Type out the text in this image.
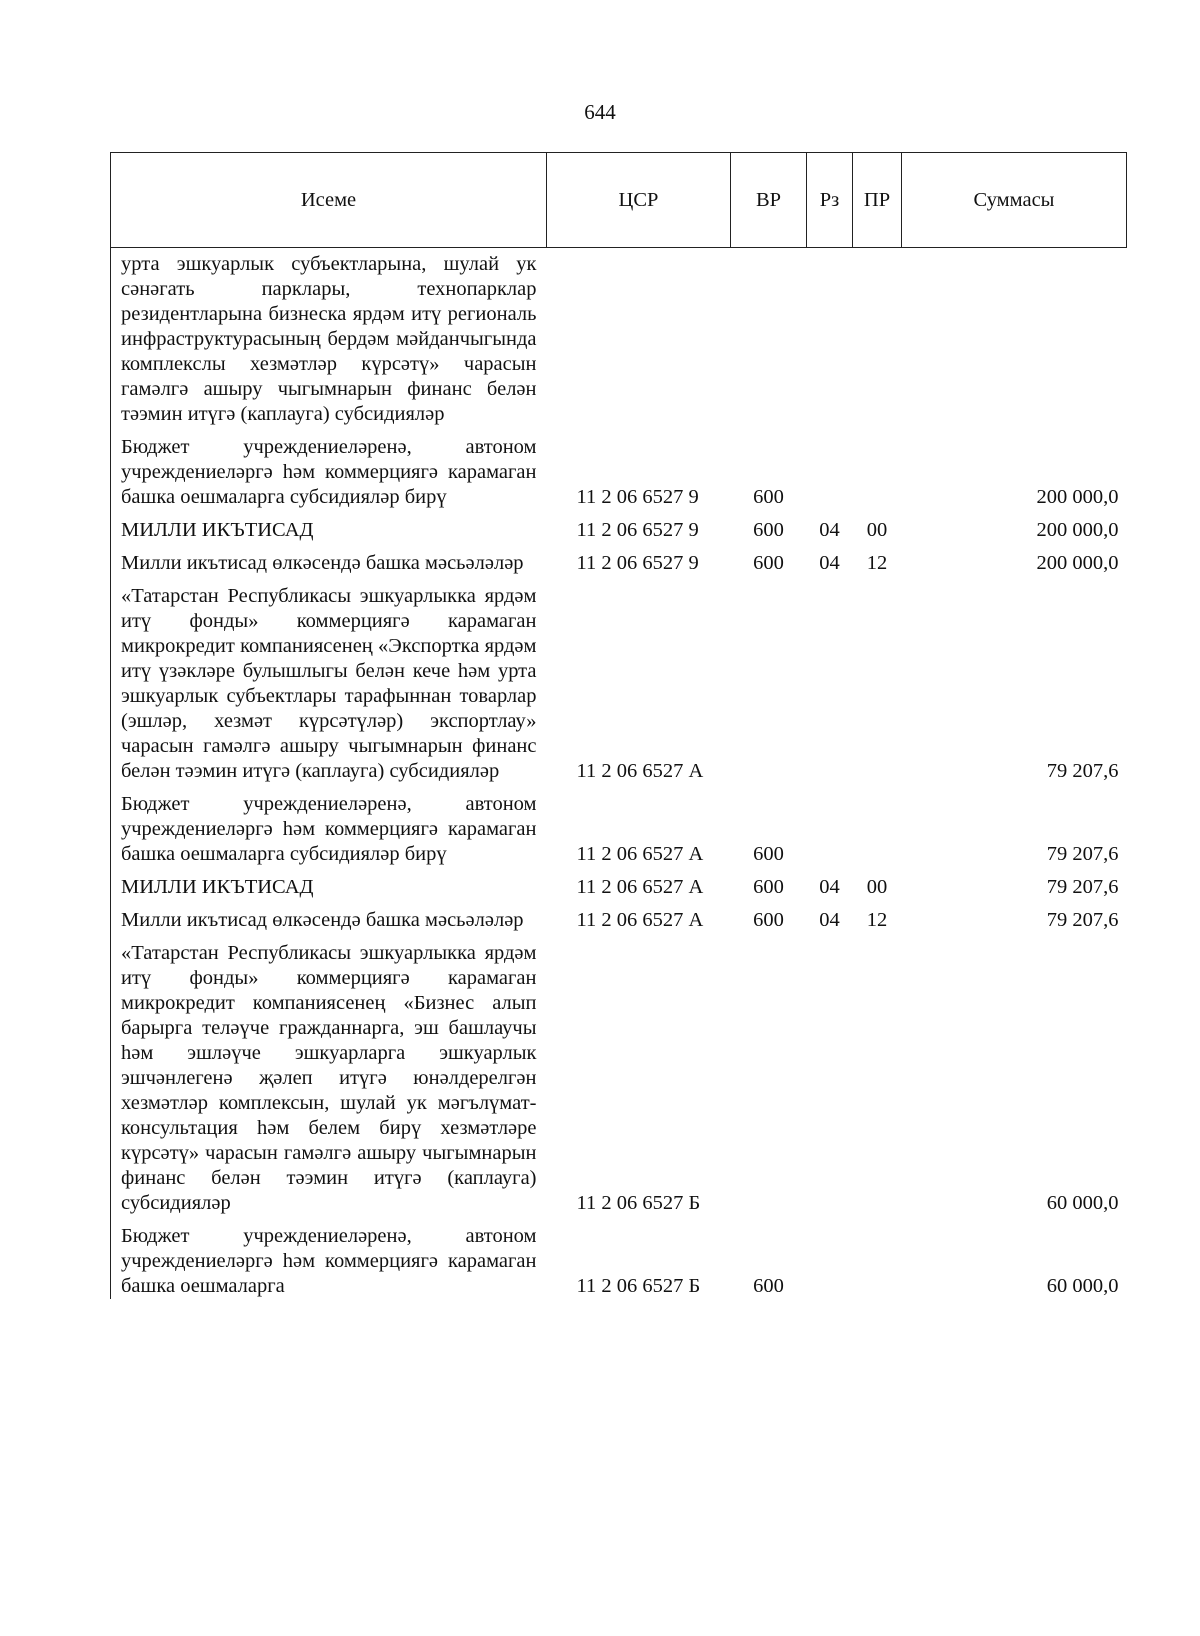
644
Исеме	ЦСР	ВР	Рз	ПР	Суммасы
урта эшкуарлык субъектларына, шулай ук сәнәгать парклары, технопарклар резидентларына бизнеска ярдәм итү региональ инфраструктурасының бердәм мәйданчыгында комплекслы хезмәтләр күрсәтү» чарасын гамәлгә ашыру чыгымнарын финанс белән тәэмин итүгә (каплауга) субсидияләр					
Бюджет учреждениеләренә, автоном учреждениеләргә һәм коммерциягә карамаган башка оешмаларга субсидияләр бирү	11 2 06 6527 9	600			200 000,0
МИЛЛИ ИКЪТИСАД	11 2 06 6527 9	600	04	00	200 000,0
Милли икътисад өлкәсендә башка мәсьәләләр	11 2 06 6527 9	600	04	12	200 000,0
«Татарстан Республикасы эшкуарлыкка ярдәм итү фонды» коммерциягә карамаган микрокредит компаниясенең «Экспортка ярдәм итү үзәкләре булышлыгы белән кече һәм урта эшкуарлык субъектлары тарафыннан товарлар (эшләр, хезмәт күрсәтүләр) экспортлау» чарасын гамәлгә ашыру чыгымнарын финанс белән тәэмин итүгә (каплауга) субсидияләр	11 2 06 6527 А				79 207,6
Бюджет учреждениеләренә, автоном учреждениеләргә һәм коммерциягә карамаган башка оешмаларга субсидияләр бирү	11 2 06 6527 А	600			79 207,6
МИЛЛИ ИКЪТИСАД	11 2 06 6527 А	600	04	00	79 207,6
Милли икътисад өлкәсендә башка мәсьәләләр	11 2 06 6527 А	600	04	12	79 207,6
«Татарстан Республикасы эшкуарлыкка ярдәм итү фонды» коммерциягә карамаган микрокредит компаниясенең «Бизнес алып барырга теләүче гражданнарга, эш башлаучы һәм эшләүче эшкуарларга эшкуарлык эшчәнлегенә җәлеп итүгә юнәлдерелгән хезмәтләр комплексын, шулай ук мәгълүмат-консультация һәм белем бирү хезмәтләре күрсәтү» чарасын гамәлгә ашыру чыгымнарын финанс белән тәэмин итүгә (каплауга) субсидияләр	11 2 06 6527 Б				60 000,0
Бюджет учреждениеләренә, автоном учреждениеләргә һәм коммерциягә карамаган башка оешмаларга	11 2 06 6527 Б	600			60 000,0
